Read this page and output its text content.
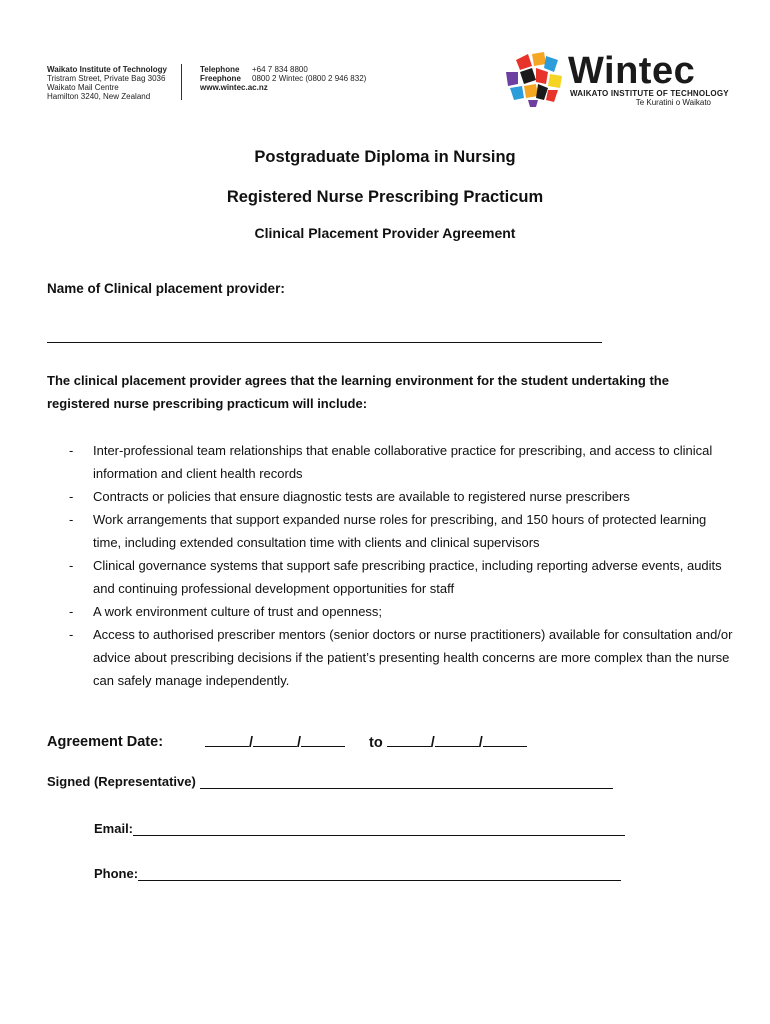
Waikato Institute of Technology
Tristram Street, Private Bag 3036
Waikato Mail Centre
Hamilton 3240, New Zealand
Telephone	+64 7 834 8800
Freephone	0800 2 Wintec (0800 2 946 832)
www.wintec.ac.nz	Wintec
WAIKATO INSTITUTE OF TECHNOLOGY
Te Kuratini o Waikato
Postgraduate Diploma in Nursing
Registered Nurse Prescribing Practicum
Clinical Placement Provider Agreement
Name of Clinical placement provider:
The clinical placement provider agrees that the learning environment for the student undertaking the registered nurse prescribing practicum will include:
-	Inter-professional team relationships that enable collaborative practice for prescribing, and access to clinical information and client health records
-	Contracts or policies that ensure diagnostic tests are available to registered nurse prescribers
-	Work arrangements that support expanded nurse roles for prescribing, and 150 hours of protected learning time, including extended consultation time with clients and clinical supervisors
-	Clinical governance systems that support safe prescribing practice, including reporting adverse events, audits and continuing professional development opportunities for staff
-	A work environment culture of trust and openness;
-	Access to authorised prescriber mentors (senior doctors or nurse practitioners) available for consultation and/or advice about prescribing decisions if the patient’s presenting health concerns are more complex than the nurse can safely manage independently.
Agreement Date:	/	/	to	/	/
Signed (Representative)
Email:
Phone:
